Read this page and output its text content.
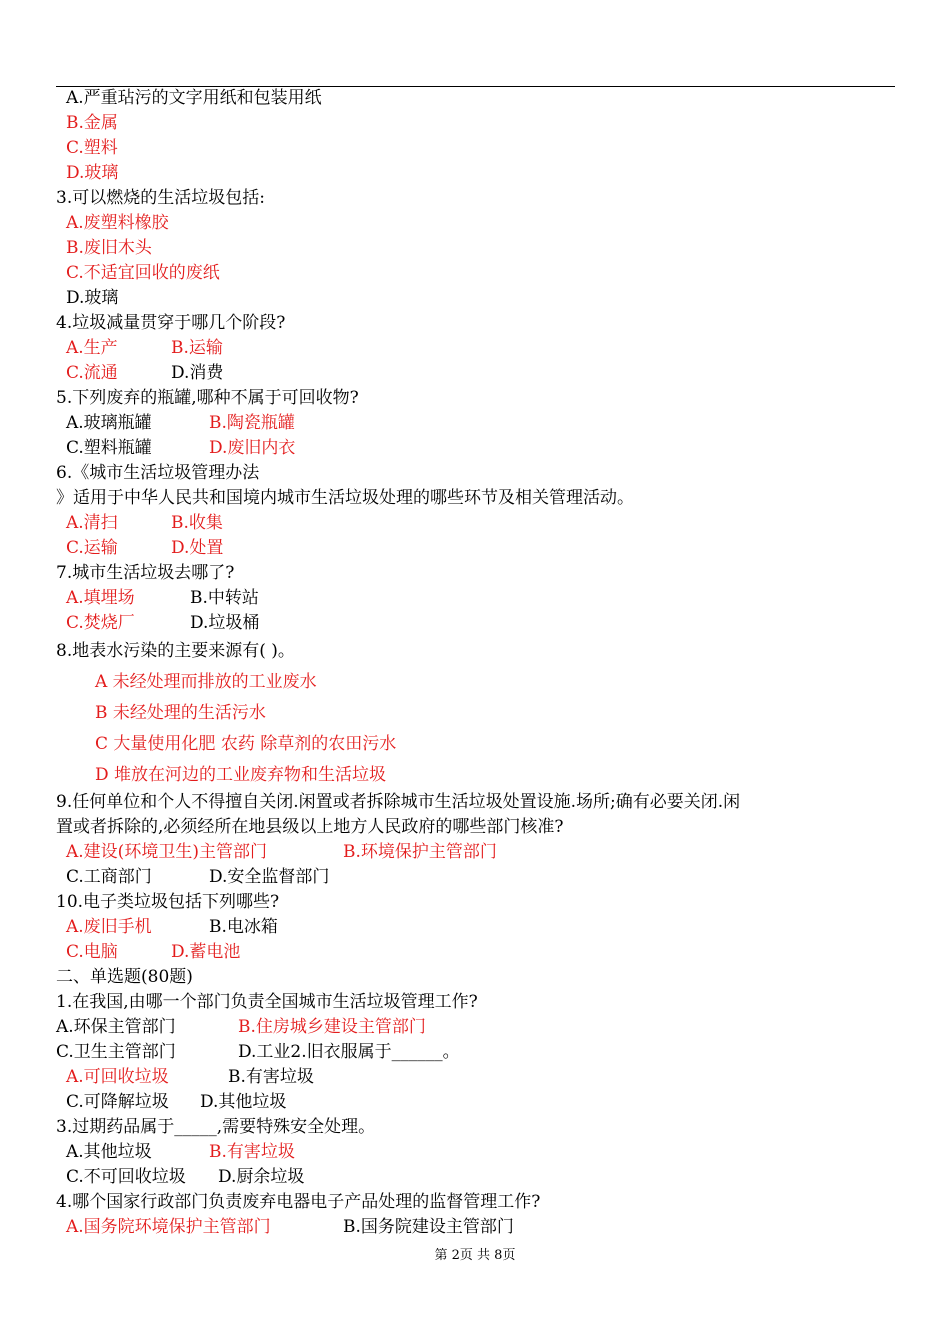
A.严重玷污的文字用纸和包装用纸
B.金属
C.塑料
D.玻璃
3.可以燃烧的生活垃圾包括:
A.废塑料橡胶
B.废旧木头
C.不适宜回收的废纸
D.玻璃
4.垃圾减量贯穿于哪几个阶段?
A.生产	B.运输
C.流通	D.消费
5.下列废弃的瓶罐,哪种不属于可回收物?
A.玻璃瓶罐	B.陶瓷瓶罐
C.塑料瓶罐	D.废旧内衣
6.《城市生活垃圾管理办法
》适用于中华人民共和国境内城市生活垃圾处理的哪些环节及相关管理活动。
A.清扫	B.收集
C.运输	D.处置
7.城市生活垃圾去哪了?
A.填埋场	B.中转站
C.焚烧厂	D.垃圾桶
8.地表水污染的主要来源有( )。
A 未经处理而排放的工业废水
B 未经处理的生活污水
C 大量使用化肥 农药 除草剂的农田污水
D 堆放在河边的工业废弃物和生活垃圾
9.任何单位和个人不得擅自关闭.闲置或者拆除城市生活垃圾处置设施.场所;确有必要关闭.闲
置或者拆除的,必须经所在地县级以上地方人民政府的哪些部门核准?
A.建设(环境卫生)主管部门	B.环境保护主管部门
C.工商部门	D.安全监督部门
10.电子类垃圾包括下列哪些?
A.废旧手机	B.电冰箱
C.电脑	D.蓄电池
二、单选题(80题)
1.在我国,由哪一个部门负责全国城市生活垃圾管理工作?
A.环保主管部门	B.住房城乡建设主管部门
C.卫生主管部门	D.工业2.旧衣服属于______。
A.可回收垃圾	B.有害垃圾
C.可降解垃圾 D.其他垃圾
3.过期药品属于_____,需要特殊安全处理。
A.其他垃圾	B.有害垃圾
C.不可回收垃圾 D.厨余垃圾
4.哪个国家行政部门负责废弃电器电子产品处理的监督管理工作?
A.国务院环境保护主管部门	B.国务院建设主管部门
第 2页 共 8页
